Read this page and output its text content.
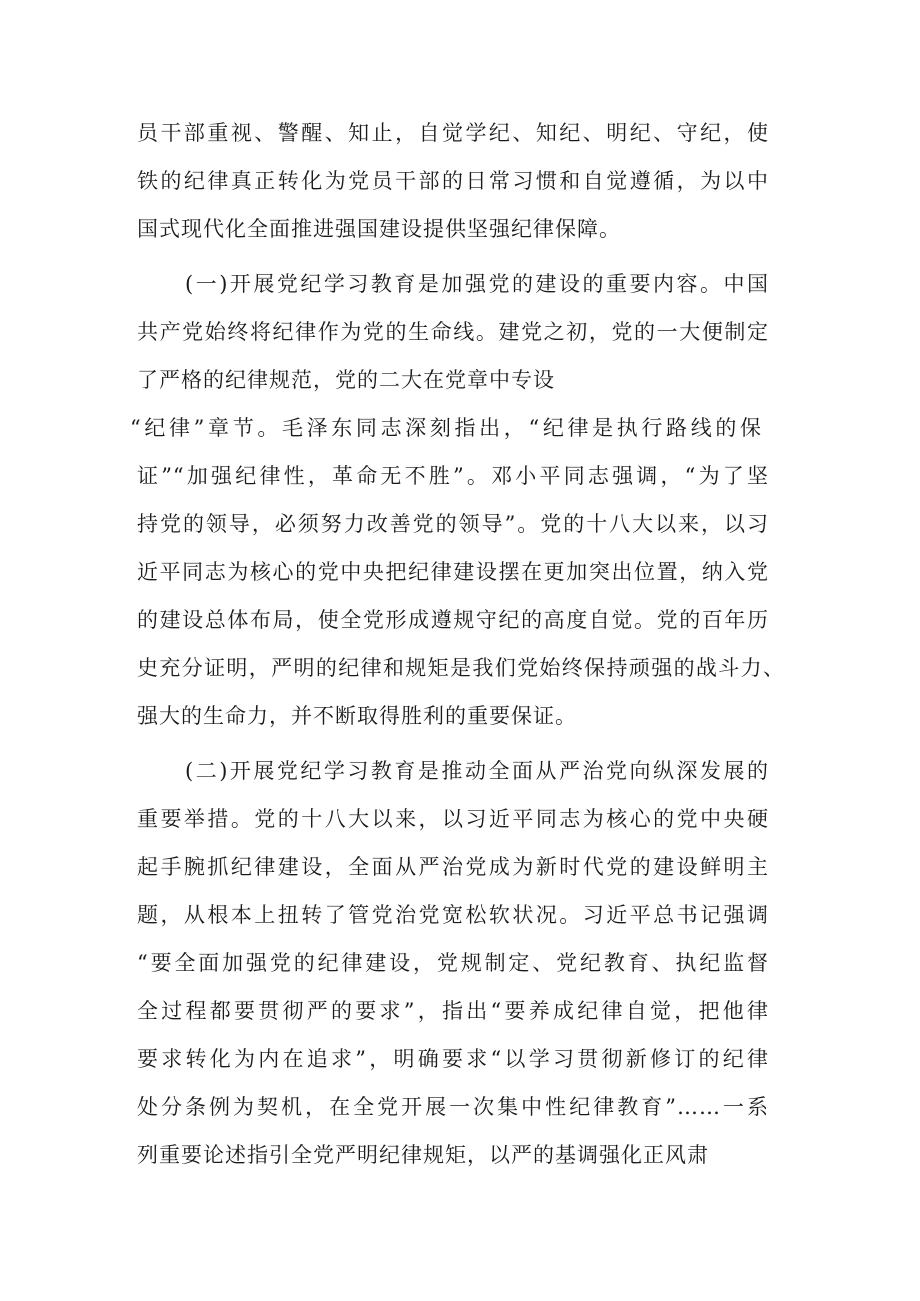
员干部重视、警醒、知止，自觉学纪、知纪、明纪、守纪，使
铁的纪律真正转化为党员干部的日常习惯和自觉遵循，为以中
国式现代化全面推进强国建设提供坚强纪律保障。
(一)开展党纪学习教育是加强党的建设的重要内容。中国
共产党始终将纪律作为党的生命线。建党之初，党的一大便制定
了严格的纪律规范，党的二大在党章中专设
“纪律”章节。毛泽东同志深刻指出，“纪律是执行路线的保
证”“加强纪律性，革命无不胜”。邓小平同志强调，“为了坚
持党的领导，必须努力改善党的领导”。党的十八大以来，以习
近平同志为核心的党中央把纪律建设摆在更加突出位置，纳入党
的建设总体布局，使全党形成遵规守纪的高度自觉。党的百年历
史充分证明，严明的纪律和规矩是我们党始终保持顽强的战斗力、
强大的生命力，并不断取得胜利的重要保证。
(二)开展党纪学习教育是推动全面从严治党向纵深发展的
重要举措。党的十八大以来，以习近平同志为核心的党中央硬
起手腕抓纪律建设，全面从严治党成为新时代党的建设鲜明主
题，从根本上扭转了管党治党宽松软状况。习近平总书记强调
“要全面加强党的纪律建设，党规制定、党纪教育、执纪监督
全过程都要贯彻严的要求”，指出“要养成纪律自觉，把他律
要求转化为内在追求”，明确要求“以学习贯彻新修订的纪律
处分条例为契机，在全党开展一次集中性纪律教育”……一系
列重要论述指引全党严明纪律规矩，以严的基调强化正风肃
